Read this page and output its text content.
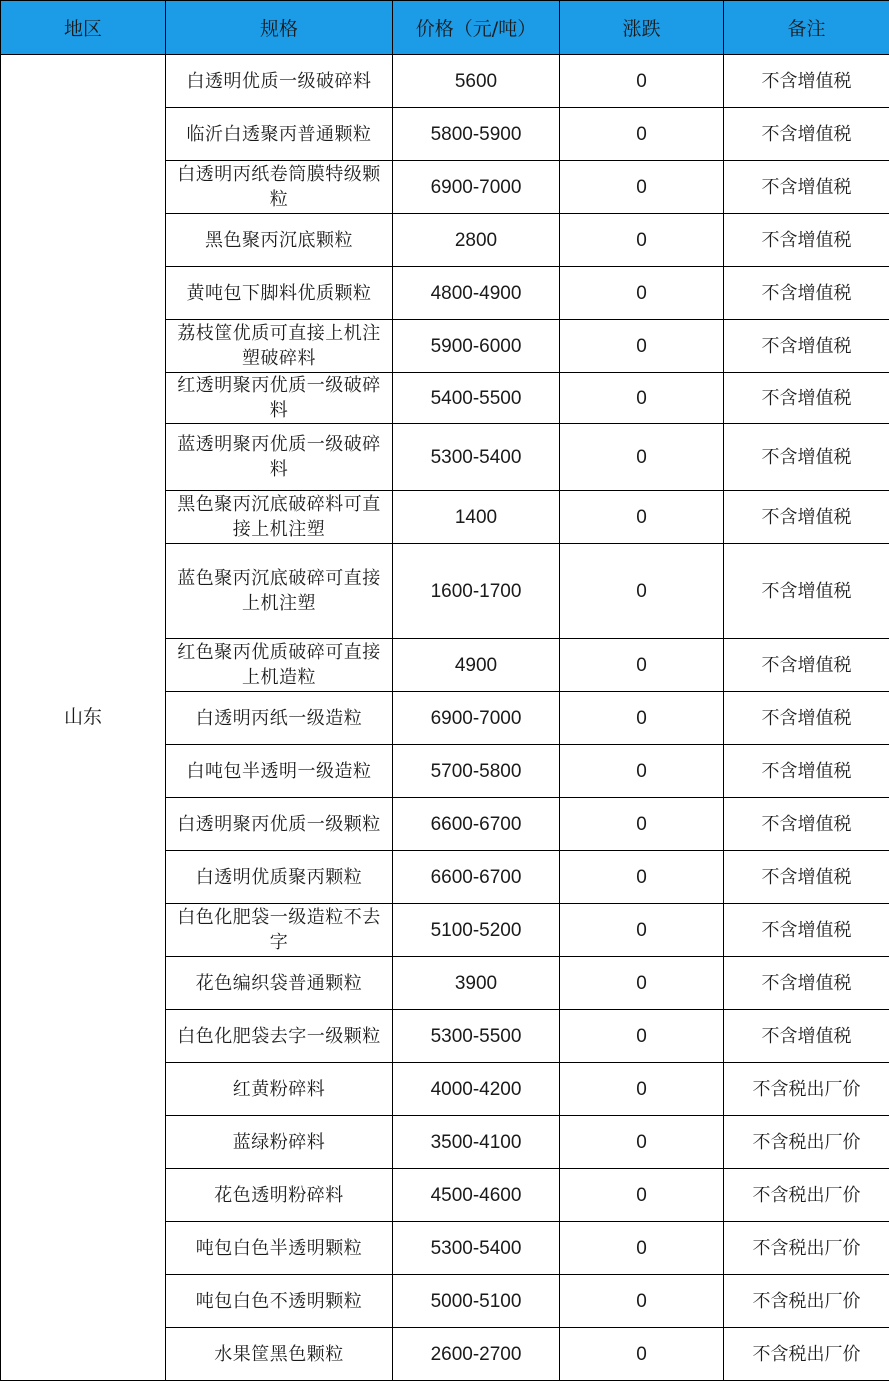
地区	规格	价格（元/吨）	涨跌	备注
山东	白透明优质一级破碎料	5600	0	不含增值税
	临沂白透聚丙普通颗粒	5800-5900	0	不含增值税
	白透明丙纸卷筒膜特级颗粒	6900-7000	0	不含增值税
	黑色聚丙沉底颗粒	2800	0	不含增值税
	黄吨包下脚料优质颗粒	4800-4900	0	不含增值税
	荔枝筐优质可直接上机注塑破碎料	5900-6000	0	不含增值税
	红透明聚丙优质一级破碎料	5400-5500	0	不含增值税
	蓝透明聚丙优质一级破碎料	5300-5400	0	不含增值税
	黑色聚丙沉底破碎料可直接上机注塑	1400	0	不含增值税
	蓝色聚丙沉底破碎可直接上机注塑	1600-1700	0	不含增值税
	红色聚丙优质破碎可直接上机造粒	4900	0	不含增值税
	白透明丙纸一级造粒	6900-7000	0	不含增值税
	白吨包半透明一级造粒	5700-5800	0	不含增值税
	白透明聚丙优质一级颗粒	6600-6700	0	不含增值税
	白透明优质聚丙颗粒	6600-6700	0	不含增值税
	白色化肥袋一级造粒不去字	5100-5200	0	不含增值税
	花色编织袋普通颗粒	3900	0	不含增值税
	白色化肥袋去字一级颗粒	5300-5500	0	不含增值税
	红黄粉碎料	4000-4200	0	不含税出厂价
	蓝绿粉碎料	3500-4100	0	不含税出厂价
	花色透明粉碎料	4500-4600	0	不含税出厂价
	吨包白色半透明颗粒	5300-5400	0	不含税出厂价
	吨包白色不透明颗粒	5000-5100	0	不含税出厂价
	水果筐黑色颗粒	2600-2700	0	不含税出厂价
